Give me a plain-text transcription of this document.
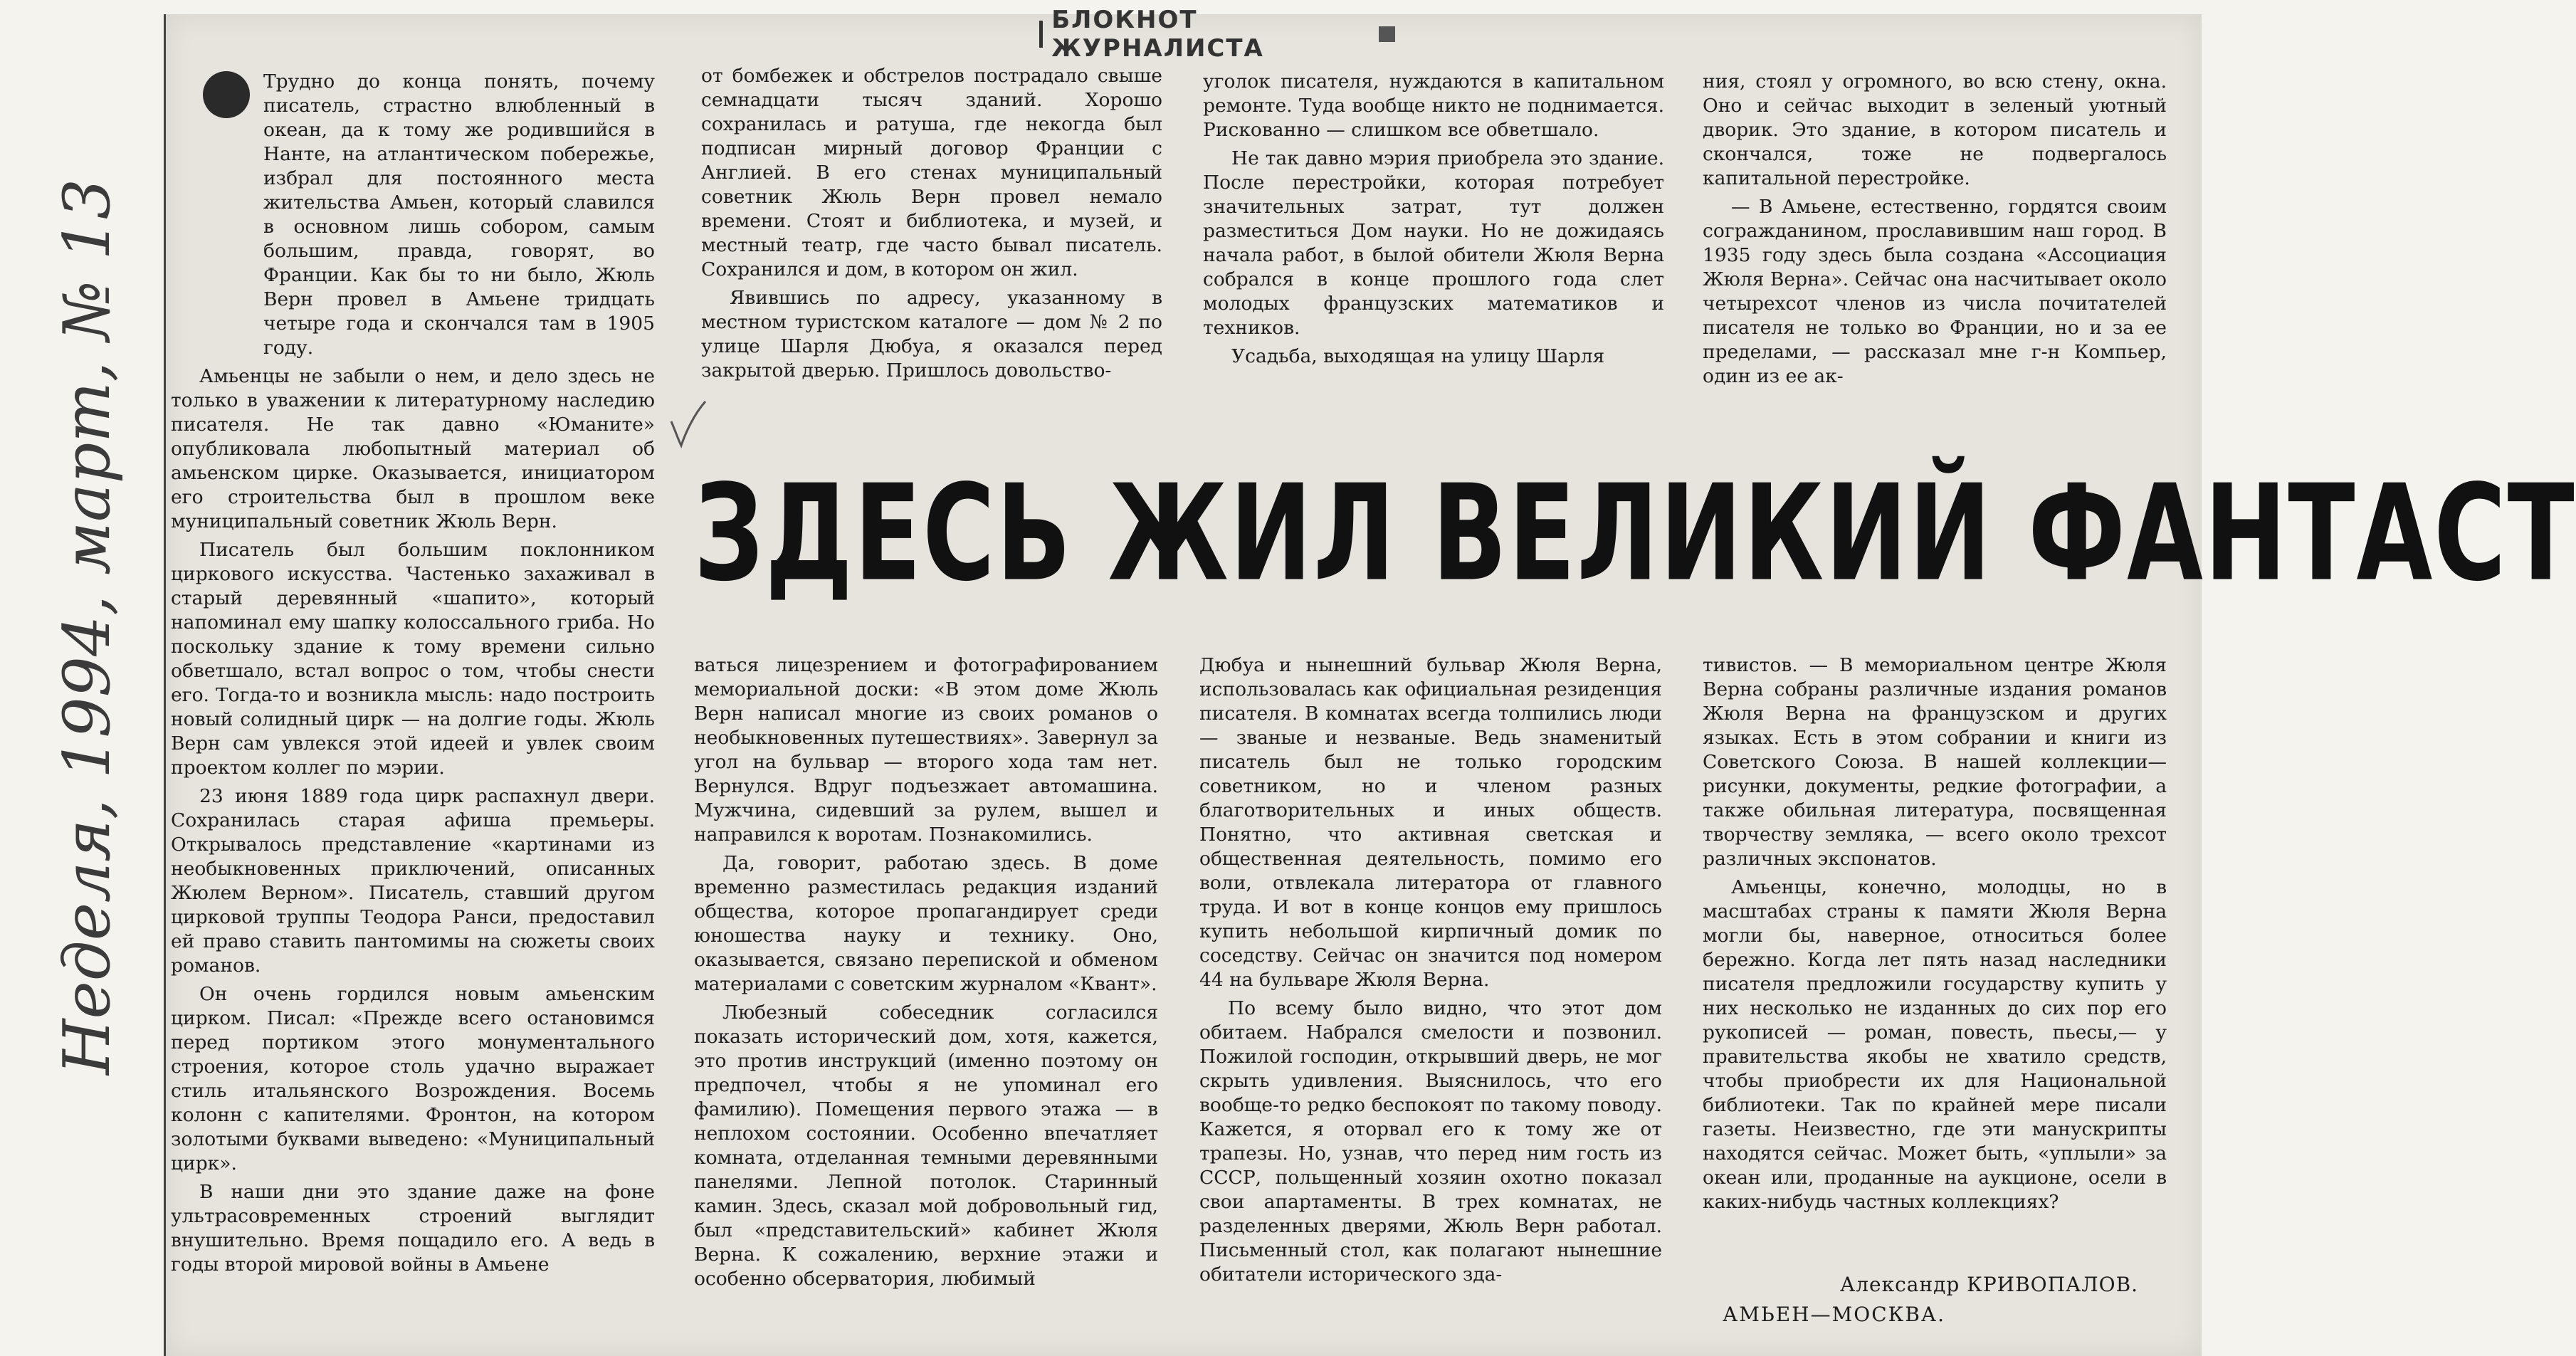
Неделя, 1994, март, № 13
БЛОКНОТ ЖУРНАЛИСТА

Трудно до конца понять, почему писатель, страстно влюбленный в океан, да к тому же родившийся в Нанте, на атлантическом побережье, избрал для постоянного места жительства Амьен, который славился в основном лишь собором, самым большим, правда, говорят, во Франции. Как бы то ни было, Жюль Верн провел в Амьене тридцать четыре года и скончался там в 1905 году.

Амьенцы не забыли о нем, и дело здесь не только в уважении к литературному наследию писателя. Не так давно «Юманите» опубликовала любопытный материал об амьенском цирке. Оказывается, инициатором его строительства был в прошлом веке муниципальный советник Жюль Верн.

Писатель был большим поклонником циркового искусства. Частенько захаживал в старый деревянный «шапито», который напоминал ему шапку колоссального гриба. Но поскольку здание к тому времени сильно обветшало, встал вопрос о том, чтобы снести его. Тогда-то и возникла мысль: надо построить новый солидный цирк — на долгие годы. Жюль Верн сам увлекся этой идеей и увлек своим проектом коллег по мэрии.

23 июня 1889 года цирк распахнул двери. Сохранилась старая афиша премьеры. Открывалось представление «картинами из необыкновенных приключений, описанных Жюлем Верном». Писатель, ставший другом цирковой труппы Теодора Ранси, предоставил ей право ставить пантомимы на сюжеты своих романов.

Он очень гордился новым амьенским цирком. Писал: «Прежде всего остановимся перед портиком этого монументального строения, которое столь удачно выражает стиль итальянского Возрождения. Восемь колонн с капителями. Фронтон, на котором золотыми буквами выведено: «Муниципальный цирк».

В наши дни это здание даже на фоне ультрасовременных строений выглядит внушительно. Время пощадило его. А ведь в годы второй мировой войны в Амьене

от бомбежек и обстрелов пострадало свыше семнадцати тысяч зданий. Хорошо сохранилась и ратуша, где некогда был подписан мирный договор Франции с Англией. В его стенах муниципальный советник Жюль Верн провел немало времени. Стоят и библиотека, и музей, и местный театр, где часто бывал писатель. Сохранился и дом, в котором он жил.

Явившись по адресу, указанному в местном туристском каталоге — дом № 2 по улице Шарля Дюбуа, я оказался перед закрытой дверью. Пришлось довольство-

уголок писателя, нуждаются в капитальном ремонте. Туда вообще никто не поднимается. Рискованно — слишком все обветшало.

Не так давно мэрия приобрела это здание. После перестройки, которая потребует значительных затрат, тут должен разместиться Дом науки. Но не дожидаясь начала работ, в былой обители Жюля Верна собрался в конце прошлого года слет молодых французских математиков и техников.

Усадьба, выходящая на улицу Шарля

ния, стоял у огромного, во всю стену, окна. Оно и сейчас выходит в зеленый уютный дворик. Это здание, в котором писатель и скончался, тоже не подвергалось капитальной перестройке.

— В Амьене, естественно, гордятся своим согражданином, прославившим наш город. В 1935 году здесь была создана «Ассоциация Жюля Верна». Сейчас она насчитывает около четырехсот членов из числа почитателей писателя не только во Франции, но и за ее пределами, — рассказал мне г-н Компьер, один из ее ак-

ЗДЕСЬ ЖИЛ ВЕЛИКИЙ ФАНТАСТ

ваться лицезрением и фотографированием мемориальной доски: «В этом доме Жюль Верн написал многие из своих романов о необыкновенных путешествиях». Завернул за угол на бульвар — второго хода там нет. Вернулся. Вдруг подъезжает автомашина. Мужчина, сидевший за рулем, вышел и направился к воротам. Познакомились.

Да, говорит, работаю здесь. В доме временно разместилась редакция изданий общества, которое пропагандирует среди юношества науку и технику. Оно, оказывается, связано перепиской и обменом материалами с советским журналом «Квант».

Любезный собеседник согласился показать исторический дом, хотя, кажется, это против инструкций (именно поэтому он предпочел, чтобы я не упоминал его фамилию). Помещения первого этажа — в неплохом состоянии. Особенно впечатляет комната, отделанная темными деревянными панелями. Лепной потолок. Старинный камин. Здесь, сказал мой добровольный гид, был «представительский» кабинет Жюля Верна. К сожалению, верхние этажи и особенно обсерватория, любимый

Дюбуа и нынешний бульвар Жюля Верна, использовалась как официальная резиденция писателя. В комнатах всегда толпились люди — званые и незваные. Ведь знаменитый писатель был не только городским советником, но и членом разных благотворительных и иных обществ. Понятно, что активная светская и общественная деятельность, помимо его воли, отвлекала литератора от главного труда. И вот в конце концов ему пришлось купить небольшой кирпичный домик по соседству. Сейчас он значится под номером 44 на бульваре Жюля Верна.

По всему было видно, что этот дом обитаем. Набрался смелости и позвонил. Пожилой господин, открывший дверь, не мог скрыть удивления. Выяснилось, что его вообще-то редко беспокоят по такому поводу. Кажется, я оторвал его к тому же от трапезы. Но, узнав, что перед ним гость из СССР, польщенный хозяин охотно показал свои апартаменты. В трех комнатах, не разделенных дверями, Жюль Верн работал. Письменный стол, как полагают нынешние обитатели исторического зда-

тивистов. — В мемориальном центре Жюля Верна собраны различные издания романов Жюля Верна на французском и других языках. Есть в этом собрании и книги из Советского Союза. В нашей коллекции—рисунки, документы, редкие фотографии, а также обильная литература, посвященная творчеству земляка, — всего около трехсот различных экспонатов.

Амьенцы, конечно, молодцы, но в масштабах страны к памяти Жюля Верна могли бы, наверное, относиться более бережно. Когда лет пять назад наследники писателя предложили государству купить у них несколько не изданных до сих пор его рукописей — роман, повесть, пьесы,— у правительства якобы не хватило средств, чтобы приобрести их для Национальной библиотеки. Так по крайней мере писали газеты. Неизвестно, где эти манускрипты находятся сейчас. Может быть, «уплыли» за океан или, проданные на аукционе, осели в каких-нибудь частных коллекциях?

Александр КРИВОПАЛОВ.
АМЬЕН—МОСКВА.
